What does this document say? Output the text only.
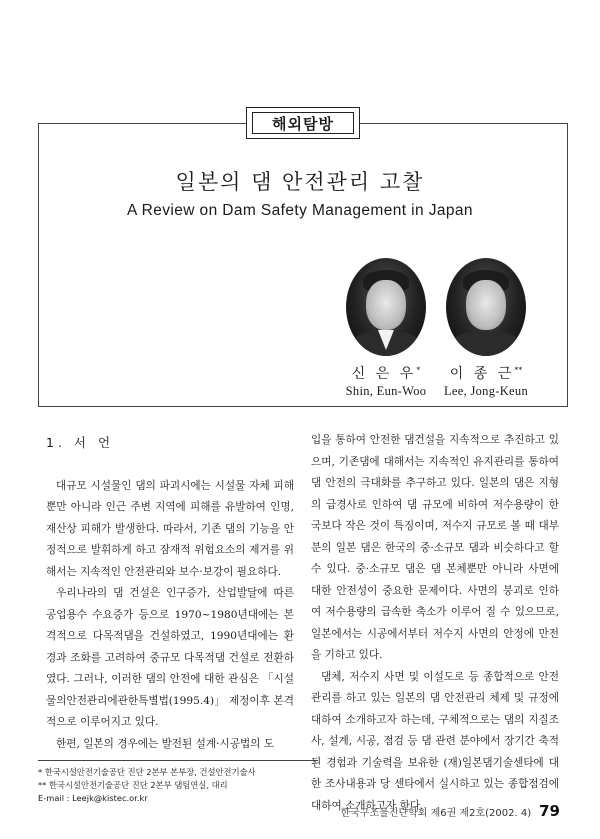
해외탐방
일본의 댐 안전관리 고찰
A Review on Dam Safety Management in Japan
신 은 우*
Shin, Eun-Woo
이 종 근**
Lee, Jong-Keun
1. 서 언

대규모 시설물인 댐의 파괴시에는 시설물 자체 피해뿐만 아니라 인근 주변 지역에 피해를 유발하여 인명, 재산상 피해가 발생한다. 따라서, 기존 댐의 기능을 안정적으로 발휘하게 하고 잠재적 위험요소의 제거를 위해서는 지속적인 안전관리와 보수·보강이 필요하다.

우리나라의 댐 건설은 인구증가, 산업발달에 따른 공업용수 수요증가 등으로 1970~1980년대에는 본격적으로 다목적댐을 건설하였고, 1990년대에는 환경과 조화를 고려하여 중규모 다목적댐 건설로 전환하였다. 그러나, 이러한 댐의 안전에 대한 관심은 「시설물의안전관리에관한특별법(1995.4)」 제정이후 본격적으로 이루어지고 있다.

한편, 일본의 경우에는 발전된 설계·시공법의 도

입을 통하여 안전한 댐건설을 지속적으로 추진하고 있으며, 기존댐에 대해서는 지속적인 유지관리를 통하여 댐 안전의 극대화를 추구하고 있다. 일본의 댐은 지형의 급경사로 인하여 댐 규모에 비하여 저수용량이 한국보다 작은 것이 특징이며, 저수지 규모로 볼 때 대부분의 일본 댐은 한국의 중·소규모 댐과 비슷하다고 할 수 있다. 중·소규모 댐은 댐 본체뿐만 아니라 사면에 대한 안전성이 중요한 문제이다. 사면의 붕괴로 인하여 저수용량의 급속한 축소가 이루어 질 수 있으므로, 일본에서는 시공에서부터 저수지 사면의 안정에 만전을 기하고 있다.

댐체, 저수지 사면 및 이설도로 등 종합적으로 안전관리를 하고 있는 일본의 댐 안전관리 체제 및 규정에 대하여 소개하고자 하는데, 구체적으로는 댐의 지질조사, 설계, 시공, 점검 등 댐 관련 분야에서 장기간 축적된 경험과 기술력을 보유한 (재)일본댐기술센타에 대한 조사내용과 당 센타에서 실시하고 있는 종합점검에 대하여 소개하고자 한다.

* 한국시설안전기술공단 진단 2본부 본부장, 건설안전기술사
** 한국시설안전기술공단 진단 2본부 댐팀연실, 대리
E-mail : Leejk@kistec.or.kr
한국구조물진단학회 제6권 제2호(2002. 4) 79
